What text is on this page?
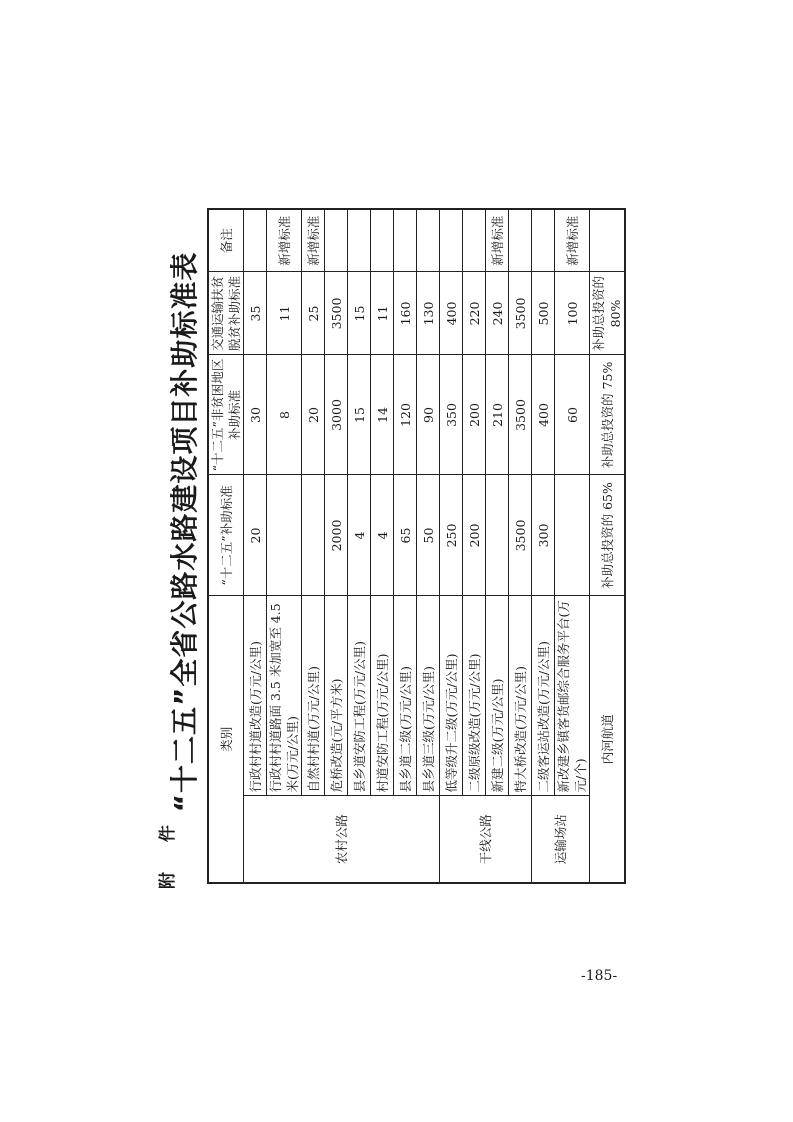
附 件
“十二五”全省公路水路建设项目补助标准表 类别		“十二五”补助标准	“十二五”非贫困地区补助标准	交通运输扶贫脱贫补助标准	备注
农村公路	行政村村道改造(万元/公里)	20	30	35	
	行政村村道路面 3.5 米加宽至 4.5 米(万元/公里)		8	11	新增标准
	自然村村道(万元/公里)		20	25	新增标准
	危桥改造(元/平方米)	2000	3000	3500	
	县乡道安防工程(万元/公里)	4	15	15	
	村道安防工程(万元/公里)	4	14	11	
	县乡道二级(万元/公里)	65	120	160	
	县乡道三级(万元/公里)	50	90	130	
干线公路	低等级升二级(万元/公里)	250	350	400	
	二级原级改造(万元/公里)	200	200	220	
	新建二级(万元/公里)		210	240	新增标准
	特大桥改造(万元/公里)	3500	3500	3500	
运输场站	二级客运站改造(万元/公里)	300	400	500	
	新改建乡镇客货邮综合服务平台(万元/个)		60	100	新增标准
内河航道		补助总投资的 65%	补助总投资的 75%	补助总投资的 80%	
-185-
